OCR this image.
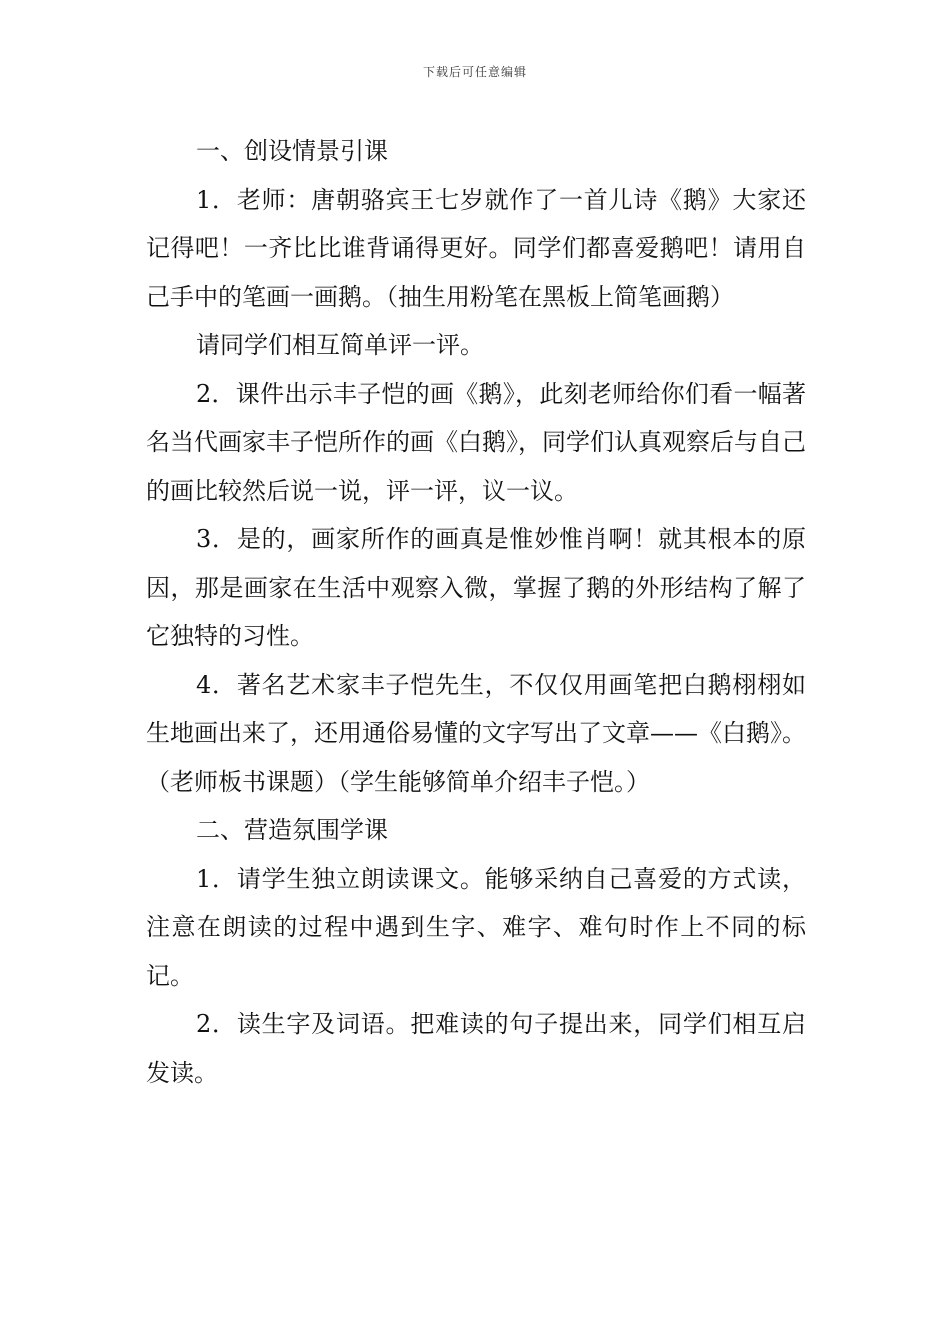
下载后可任意编辑

一、创设情景引课

1．老师：唐朝骆宾王七岁就作了一首儿诗《鹅》大家还记得吧！一齐比比谁背诵得更好。同学们都喜爱鹅吧！请用自己手中的笔画一画鹅。（抽生用粉笔在黑板上简笔画鹅）

请同学们相互简单评一评。

2．课件出示丰子恺的画《鹅》，此刻老师给你们看一幅著名当代画家丰子恺所作的画《白鹅》，同学们认真观察后与自己的画比较然后说一说，评一评，议一议。

3．是的，画家所作的画真是惟妙惟肖啊！就其根本的原因，那是画家在生活中观察入微，掌握了鹅的外形结构了解了它独特的习性。

4．著名艺术家丰子恺先生，不仅仅用画笔把白鹅栩栩如生地画出来了，还用通俗易懂的文字写出了文章——《白鹅》。（老师板书课题）（学生能够简单介绍丰子恺。）

二、营造氛围学课

1．请学生独立朗读课文。能够采纳自己喜爱的方式读，注意在朗读的过程中遇到生字、难字、难句时作上不同的标记。

2．读生字及词语。把难读的句子提出来，同学们相互启发读。
